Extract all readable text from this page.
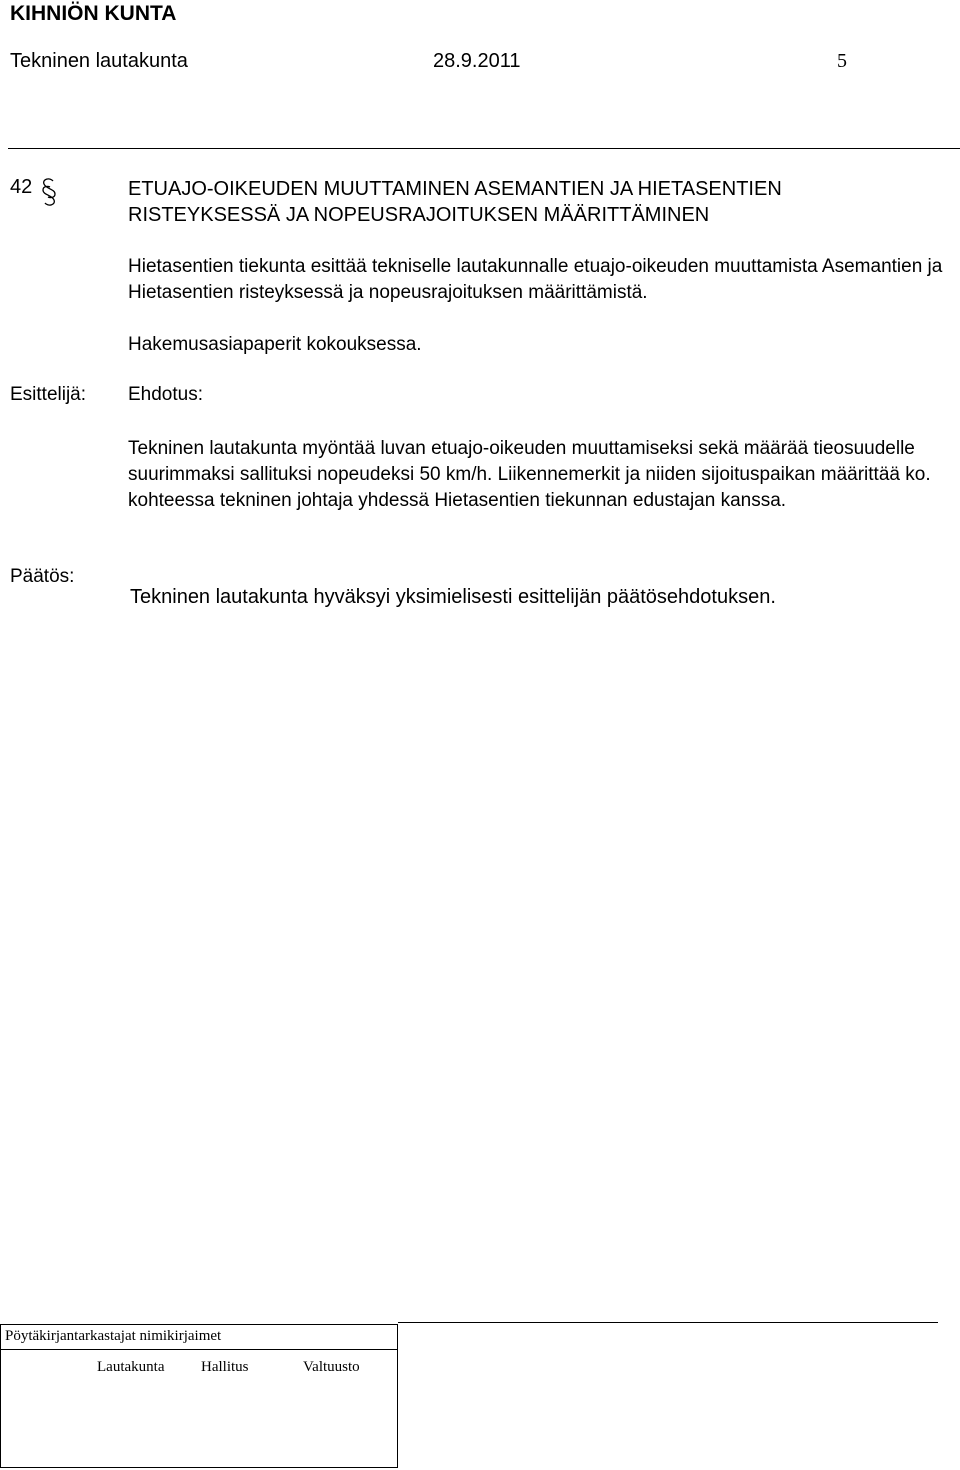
KIHNIÖN KUNTA
Tekninen lautakunta	28.9.2011	5
42	ETUAJO-OIKEUDEN MUUTTAMINEN ASEMANTIEN JA HIETASENTIEN
RISTEYKSESSÄ JA NOPEUSRAJOITUKSEN MÄÄRITTÄMINEN
Hietasentien tiekunta esittää tekniselle lautakunnalle etuajo-oikeuden muuttamista Asemantien ja Hietasentien risteyksessä ja nopeusrajoituksen määrittämistä.
Hakemusasiapaperit kokouksessa.
Esittelijä: Ehdotus:
Tekninen lautakunta myöntää luvan etuajo-oikeuden muuttamiseksi sekä määrää tieosuudelle suurimmaksi sallituksi nopeudeksi 50 km/h. Liikennemerkit ja niiden sijoituspaikan määrittää ko. kohteessa tekninen johtaja yhdessä Hietasentien tiekunnan edustajan kanssa.
Päätös:
Tekninen lautakunta hyväksyi yksimielisesti esittelijän päätösehdotuksen.
Pöytäkirjantarkastajat nimikirjaimet
Lautakunta Hallitus	Valtuusto
